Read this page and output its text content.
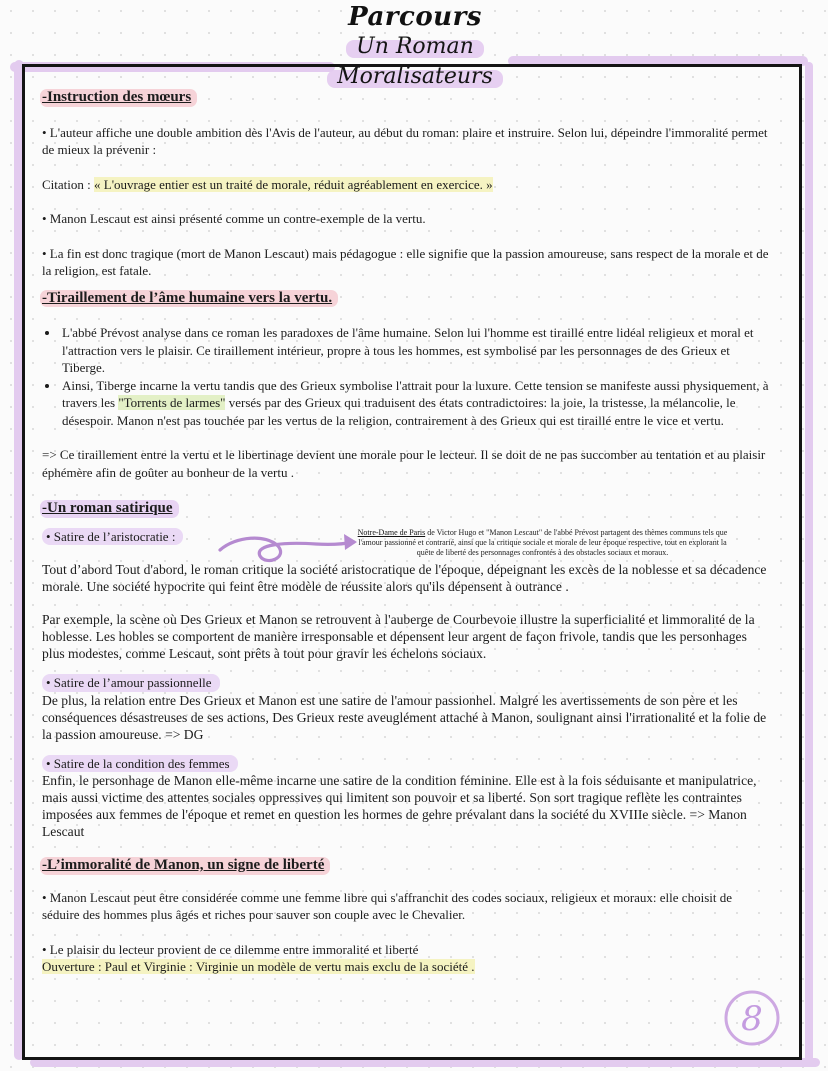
Parcours
Un Roman
Moralisateurs
-Instruction des mœurs

• L'auteur affiche une double ambition dès l'Avis de l'auteur, au début du roman: plaire et instruire. Selon lui, dépeindre l'immoralité permet de mieux la prévenir :

Citation : « L'ouvrage entier est un traité de morale, réduit agréablement en exercice. »

• Manon Lescaut est ainsi présenté comme un contre-exemple de la vertu.

• La fin est donc tragique (mort de Manon Lescaut) mais pédagogue : elle signifie que la passion amoureuse, sans respect de la morale et de la religion, est fatale.

-Tiraillement de l’âme humaine vers la vertu.
• L'abbé Prévost analyse dans ce roman les paradoxes de l'âme humaine. Selon lui l'homme est tiraillé entre lidéal religieux et moral et l'attraction vers le plaisir. Ce tiraillement intérieur, propre à tous les hommes, est symbolisé par les personnages de des Grieux et Tiberge.
• Ainsi, Tiberge incarne la vertu tandis que des Grieux symbolise l'attrait pour la luxure. Cette tension se manifeste aussi physiquement, à travers les "Torrents de larmes" versés par des Grieux qui traduisent des états contradictoires: la joie, la tristesse, la mélancolie, le désespoir. Manon n'est pas touchée par les vertus de la religion, contrairement à des Grieux qui est tiraillé entre le vice et vertu.

=> Ce tiraillement entre la vertu et le libertinage devient une morale pour le lecteur. Il se doit de ne pas succomber au tentation et au plaisir éphémère afin de goûter au bonheur de la vertu .

-Un roman satirique
• Satire de l’aristocratie :

Tout d’abord Tout d'abord, le roman critique la société aristocratique de l'époque, dépeignant les excès de la noblesse et sa décadence morale. Une société hypocrite qui feint être modèle de réussite alors qu'ils dépensent à outrance .

Par exemple, la scène où Des Grieux et Manon se retrouvent à l'auberge de Courbevoie illustre la superficialité et limmoralité de la hoblesse. Les hobles se comportent de manière irresponsable et dépensent leur argent de façon frivole, tandis que les personhages plus modestes, comme Lescaut, sont prêts à tout pour gravir les échelons sociaux.

• Satire de l’amour passionnelle

De plus, la relation entre Des Grieux et Manon est une satire de l'amour passionhel. Malgré les avertissements de son père et les conséquences désastreuses de ses actions, Des Grieux reste aveuglément attaché à Manon, soulignant ainsi l'irrationalité et la folie de la passion amoureuse. => DG

• Satire de la condition des femmes

Enfin, le personhage de Manon elle-même incarne une satire de la condition féminine. Elle est à la fois séduisante et manipulatrice, mais aussi victime des attentes sociales oppressives qui limitent son pouvoir et sa liberté. Son sort tragique reflète les contraintes imposées aux femmes de l'époque et remet en question les hormes de gehre prévalant dans la société du XVIIIe siècle. => Manon Lescaut

-L’immoralité de Manon, un signe de liberté

• Manon Lescaut peut être considérée comme une femme libre qui s'affranchit des codes sociaux, religieux et moraux: elle choisit de séduire des hommes plus âgés et riches pour sauver son couple avec le Chevalier.

• Le plaisir du lecteur provient de ce dilemme entre immoralité et liberté

Ouverture : Paul et Virginie : Virginie un modèle de vertu mais exclu de la société .

Notre-Dame de Paris de Victor Hugo et "Manon Lescaut" de l'abbé Prévost partagent des thèmes communs tels que l'amour passionné et contrarié, ainsi que la critique sociale et morale de leur époque respective, tout en explorant la quête de liberté des personnages confrontés à des obstacles sociaux et moraux.
8
